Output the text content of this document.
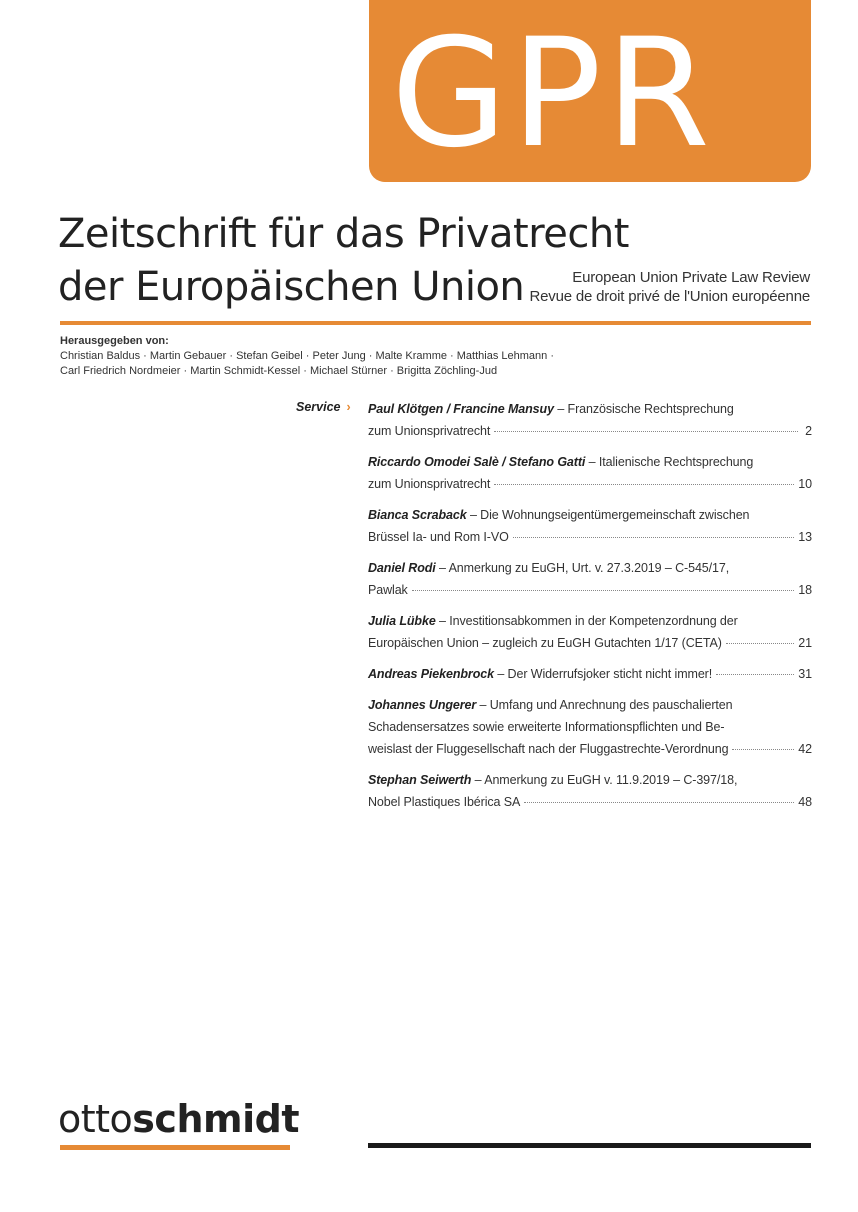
GPR
Zeitschrift für das Privatrecht
der Europäischen Union	European Union Private Law Review
Revue de droit privé de l'Union européenne
Herausgegeben von:
Christian Baldus · Martin Gebauer · Stefan Geibel · Peter Jung · Malte Kramme · Matthias Lehmann ·
Carl Friedrich Nordmeier · Martin Schmidt-Kessel · Michael Stürner · Brigitta Zöchling-Jud
Service › Paul Klötgen / Francine Mansuy – Französische Rechtsprechung
zum Unionsprivatrecht	2
Riccardo Omodei Salè / Stefano Gatti – Italienische Rechtsprechung
zum Unionsprivatrecht	10
Bianca Scraback – Die Wohnungseigentümergemeinschaft zwischen
Brüssel Ia- und Rom I-VO	13
Daniel Rodi – Anmerkung zu EuGH, Urt. v. 27.3.2019 – C-545/17,
Pawlak	18
Julia Lübke – Investitionsabkommen in der Kompetenzordnung der
Europäischen Union – zugleich zu EuGH Gutachten 1/17 (CETA)	21
Andreas Piekenbrock – Der Widerrufsjoker sticht nicht immer!	31
Johannes Ungerer – Umfang und Anrechnung des pauschalierten
Schadensersatzes sowie erweiterte Informationspflichten und Be-
weislast der Fluggesellschaft nach der Fluggastrechte-Verordnung	42
Stephan Seiwerth – Anmerkung zu EuGH v. 11.9.2019 – C-397/18,
Nobel Plastiques Ibérica SA	48
ottoschmidt
